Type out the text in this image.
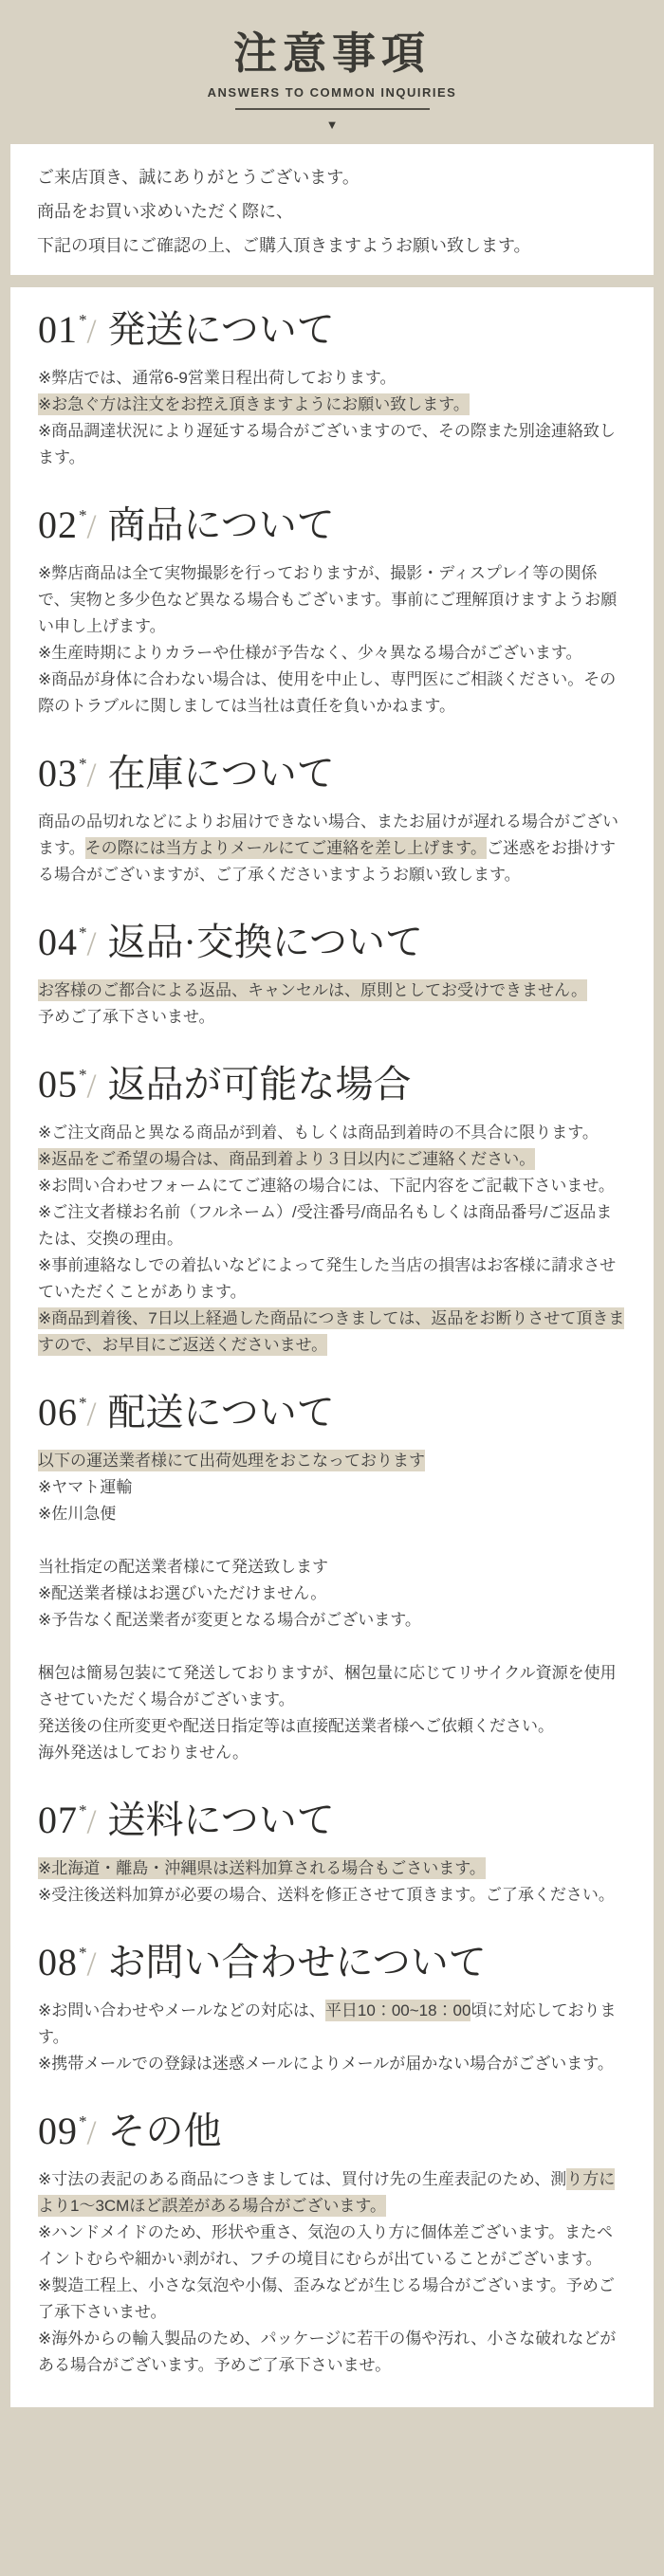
注意事項

ANSWERS TO COMMON INQUIRIES

▼
ご来店頂き、誠にありがとうございます。
商品をお買い求めいただく際に、
下記の項目にご確認の上、ご購入頂きますようお願い致します。
01*/ 発送について

※弊店では、通常6-9営業日程出荷しております。

※お急ぐ方は注文をお控え頂きますようにお願い致します。

※商品調達状況により遅延する場合がございますので、その際また別途連絡致します。

02*/ 商品について

※弊店商品は全て実物撮影を行っておりますが、撮影・ディスプレイ等の関係で、実物と多少色など異なる場合もございます。事前にご理解頂けますようお願い申し上げます。

※生産時期によりカラーや仕様が予告なく、少々異なる場合がございます。

※商品が身体に合わない場合は、使用を中止し、専門医にご相談ください。その際のトラブルに関しましては当社は責任を負いかねます。

03*/ 在庫について

商品の品切れなどによりお届けできない場合、またお届けが遅れる場合がございます。その際には当方よりメールにてご連絡を差し上げます。ご迷惑をお掛けする場合がございますが、ご了承くださいますようお願い致します。

04*/ 返品·交換について

お客様のご都合による返品、キャンセルは、原則としてお受けできません。

予めご了承下さいませ。

05*/ 返品が可能な場合

※ご注文商品と異なる商品が到着、もしくは商品到着時の不具合に限ります。

※返品をご希望の場合は、商品到着より３日以内にご連絡ください。

※お問い合わせフォームにてご連絡の場合には、下記内容をご記載下さいませ。

※ご注文者様お名前（フルネーム）/受注番号/商品名もしくは商品番号/ご返品または、交換の理由。

※事前連絡なしでの着払いなどによって発生した当店の損害はお客様に請求させていただくことがあります。

※商品到着後、7日以上経過した商品につきましては、返品をお断りさせて頂きますので、お早目にご返送くださいませ。

06*/ 配送について

以下の運送業者様にて出荷処理をおこなっております

※ヤマト運輸

※佐川急便

当社指定の配送業者様にて発送致します

※配送業者様はお選びいただけません。

※予告なく配送業者が変更となる場合がございます。

梱包は簡易包装にて発送しておりますが、梱包量に応じてリサイクル資源を使用させていただく場合がございます。

発送後の住所変更や配送日指定等は直接配送業者様へご依頼ください。

海外発送はしておりません。

07*/ 送料について

※北海道・離島・沖縄県は送料加算される場合もごさいます。

※受注後送料加算が必要の場合、送料を修正させて頂きます。ご了承ください。

08*/ お問い合わせについて

※お問い合わせやメールなどの対応は、平日10：00~18：00頃に対応しております。

※携帯メールでの登録は迷惑メールによりメールが届かない場合がございます。

09*/ その他

※寸法の表記のある商品につきましては、買付け先の生産表記のため、測り方により1～3CMほど誤差がある場合がございます。

※ハンドメイドのため、形状や重さ、気泡の入り方に個体差ございます。またペイントむらや細かい剥がれ、フチの境目にむらが出ていることがございます。

※製造工程上、小さな気泡や小傷、歪みなどが生じる場合がございます。予めご了承下さいませ。

※海外からの輸入製品のため、パッケージに若干の傷や汚れ、小さな破れなどがある場合がございます。予めご了承下さいませ。
